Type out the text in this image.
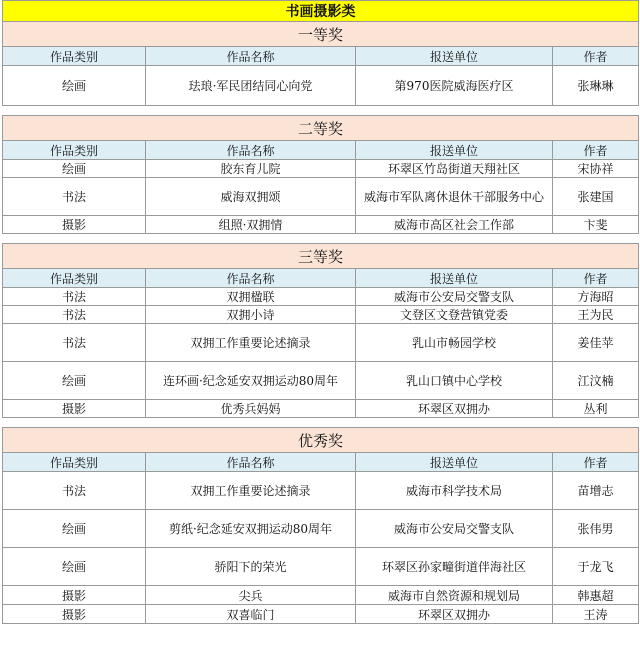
书画摄影类			
一等奖			
作品类别	作品名称	报送单位	作者
绘画	珐琅·军民团结同心向党	第970医院威海医疗区	张琳琳

二等奖			
作品类别	作品名称	报送单位	作者
绘画	胶东育儿院	环翠区竹岛街道天翔社区	宋协祥
书法	威海双拥颂	威海市军队离休退休干部服务中心	张建国
摄影	组照·双拥情	威海市高区社会工作部	卞斐

三等奖			
作品类别	作品名称	报送单位	作者
书法	双拥楹联	威海市公安局交警支队	方海昭
书法	双拥小诗	文登区文登营镇党委	王为民
书法	双拥工作重要论述摘录	乳山市畅园学校	姜佳苹
绘画	连环画·纪念延安双拥运动80周年	乳山口镇中心学校	江汶楠
摄影	优秀兵妈妈	环翠区双拥办	丛利

优秀奖			
作品类别	作品名称	报送单位	作者
书法	双拥工作重要论述摘录	威海市科学技术局	苗增志
绘画	剪纸·纪念延安双拥运动80周年	威海市公安局交警支队	张伟男
绘画	骄阳下的荣光	环翠区孙家疃街道伴海社区	于龙飞
摄影	尖兵	威海市自然资源和规划局	韩惠超
摄影	双喜临门	环翠区双拥办	王涛
